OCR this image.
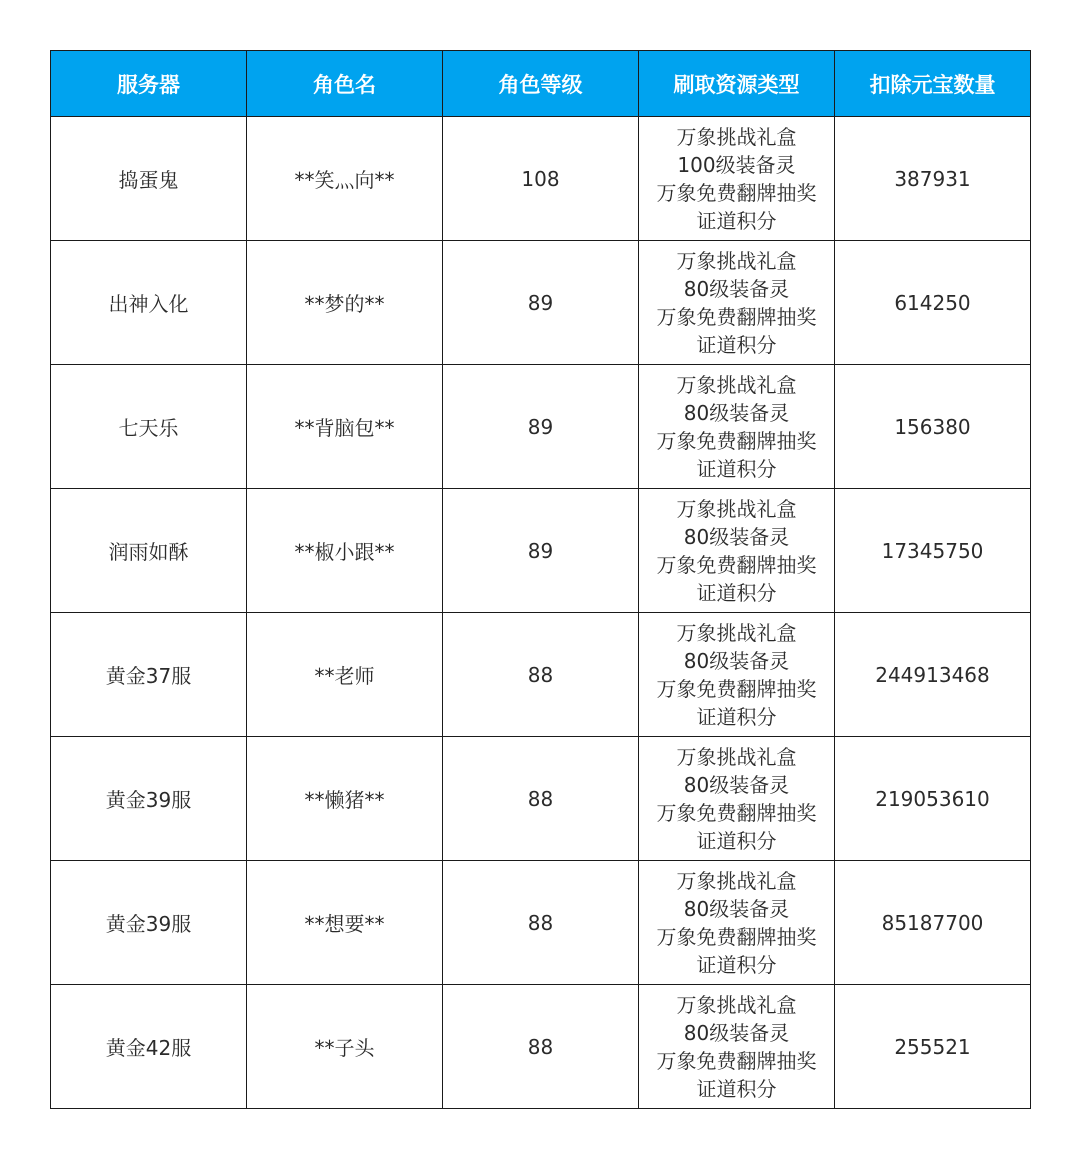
服务器	角色名	角色等级	刷取资源类型	扣除元宝数量
捣蛋鬼	**笑灬向**	108	万象挑战礼盒
100级装备灵
万象免费翻牌抽奖
证道积分	387931
出神入化	**梦的**	89	万象挑战礼盒
80级装备灵
万象免费翻牌抽奖
证道积分	614250
七天乐	**背脑包**	89	万象挑战礼盒
80级装备灵
万象免费翻牌抽奖
证道积分	156380
润雨如酥	**椒小跟**	89	万象挑战礼盒
80级装备灵
万象免费翻牌抽奖
证道积分	17345750
黄金37服	**老师	88	万象挑战礼盒
80级装备灵
万象免费翻牌抽奖
证道积分	244913468
黄金39服	**懒猪**	88	万象挑战礼盒
80级装备灵
万象免费翻牌抽奖
证道积分	219053610
黄金39服	**想要**	88	万象挑战礼盒
80级装备灵
万象免费翻牌抽奖
证道积分	85187700
黄金42服	**子头	88	万象挑战礼盒
80级装备灵
万象免费翻牌抽奖
证道积分	255521
